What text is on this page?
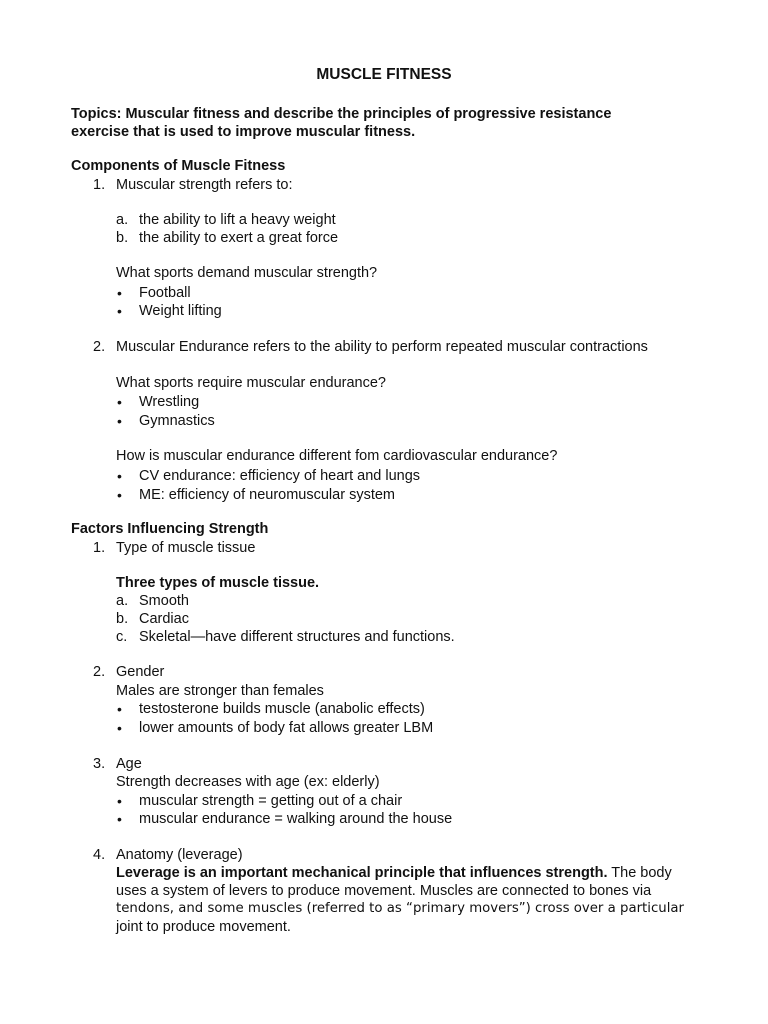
MUSCLE FITNESS
Topics: Muscular fitness and describe the principles of progressive resistance
exercise that is used to improve muscular fitness.
Components of Muscle Fitness
1. Muscular strength refers to:
a. the ability to lift a heavy weight
b. the ability to exert a great force
What sports demand muscular strength?
• Football
• Weight lifting
2. Muscular Endurance refers to the ability to perform repeated muscular contractions
What sports require muscular endurance?
• Wrestling
• Gymnastics
How is muscular endurance different fom cardiovascular endurance?
• CV endurance: efficiency of heart and lungs
• ME: efficiency of neuromuscular system
Factors Influencing Strength
1. Type of muscle tissue
Three types of muscle tissue.
a. Smooth
b. Cardiac
c. Skeletal—have different structures and functions.
2. Gender
Males are stronger than females
• testosterone builds muscle (anabolic effects)
• lower amounts of body fat allows greater LBM
3. Age
Strength decreases with age (ex: elderly)
• muscular strength = getting out of a chair
• muscular endurance = walking around the house
4. Anatomy (leverage)
Leverage is an important mechanical principle that influences strength. The body
uses a system of levers to produce movement. Muscles are connected to bones via
tendons, and some muscles (referred to as “primary movers”) cross over a particular
joint to produce movement.
